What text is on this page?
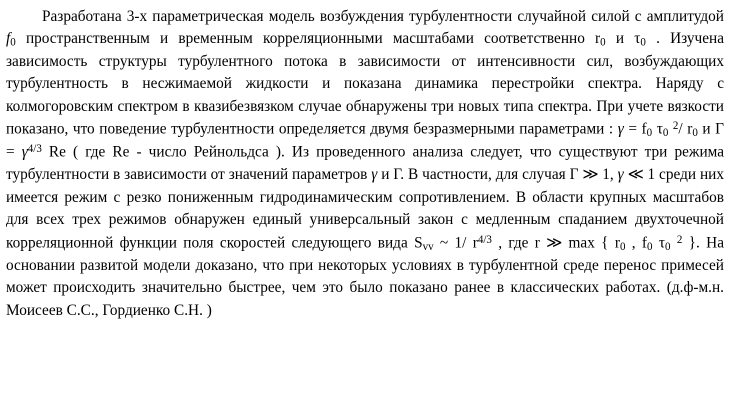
Разработана 3-х параметрическая модель возбуждения турбулентности случайной силой с амплитудой $f_0$ пространственным и временным корреляционными масштабами соответственно $r_0$ и $\tau_0$ . Изучена зависимость структуры турбулентного потока в зависимости от интенсивности сил, возбуждающих турбулентность в несжимаемой жидкости и показана динамика перестройки спектра. Наряду с колмогоровским спектром в квазибезвязком случае обнаружены три новых типа спектра. При учете вязкости показано, что поведение турбулентности определяется двумя безразмерными параметрами : $\gamma = f_0$ $\tau_0$ $^2$/ $r_0$ и $\Gamma = \gamma^{4/3}$ Re ( где Re - число Рейнольдса ). Из проведенного анализа следует, что существуют три режима турбулентности в зависимости от значений параметров γ и Γ. В частности, для случая Γ ≫ 1, γ ≪ 1 среди них имеется режим с резко пониженным гидродинамическим сопротивлением. В области крупных масштабов для всех трех режимов обнаружен единый универсальный закон с медленным спаданием двухточечной корреляционной функции поля скоростей следующего вида $S_{vv}$ ~ 1/ $r^{4/3}$ , где r ≫ max { $r_0$ , $f_0$ $\tau_0$ $^2$ }. На основании развитой модели доказано, что при некоторых условиях в турбулентной среде перенос примесей может происходить значительно быстрее, чем это было показано ранее в классических работах. (д.ф-м.н. Моисеев С.С., Гордиенко С.Н. )
